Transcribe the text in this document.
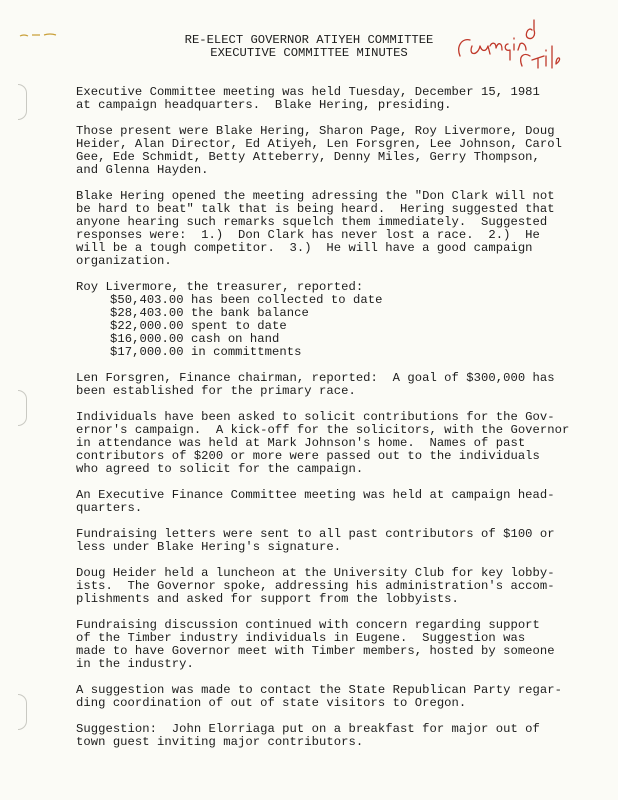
RE-ELECT GOVERNOR ATIYEH COMMITTEE
EXECUTIVE COMMITTEE MINUTES
Executive Committee meeting was held Tuesday, December 15, 1981
at campaign headquarters.  Blake Hering, presiding.
Those present were Blake Hering, Sharon Page, Roy Livermore, Doug
Heider, Alan Director, Ed Atiyeh, Len Forsgren, Lee Johnson, Carol
Gee, Ede Schmidt, Betty Atteberry, Denny Miles, Gerry Thompson,
and Glenna Hayden.
Blake Hering opened the meeting adressing the "Don Clark will not
be hard to beat" talk that is being heard.  Hering suggested that
anyone hearing such remarks squelch them immediately.  Suggested
responses were:  1.)  Don Clark has never lost a race.  2.)  He
will be a tough competitor.  3.)  He will have a good campaign
organization.
Roy Livermore, the treasurer, reported:
$50,403.00 has been collected to date
$28,403.00 the bank balance
$22,000.00 spent to date
$16,000.00 cash on hand
$17,000.00 in committments
Len Forsgren, Finance chairman, reported:  A goal of $300,000 has
been established for the primary race.
Individuals have been asked to solicit contributions for the Gov-
ernor's campaign.  A kick-off for the solicitors, with the Governor
in attendance was held at Mark Johnson's home.  Names of past
contributors of $200 or more were passed out to the individuals
who agreed to solicit for the campaign.
An Executive Finance Committee meeting was held at campaign head-
quarters.
Fundraising letters were sent to all past contributors of $100 or
less under Blake Hering's signature.
Doug Heider held a luncheon at the University Club for key lobby-
ists.  The Governor spoke, addressing his administration's accom-
plishments and asked for support from the lobbyists.
Fundraising discussion continued with concern regarding support
of the Timber industry individuals in Eugene.  Suggestion was
made to have Governor meet with Timber members, hosted by someone
in the industry.
A suggestion was made to contact the State Republican Party regar-
ding coordination of out of state visitors to Oregon.
Suggestion:  John Elorriaga put on a breakfast for major out of
town guest inviting major contributors.
